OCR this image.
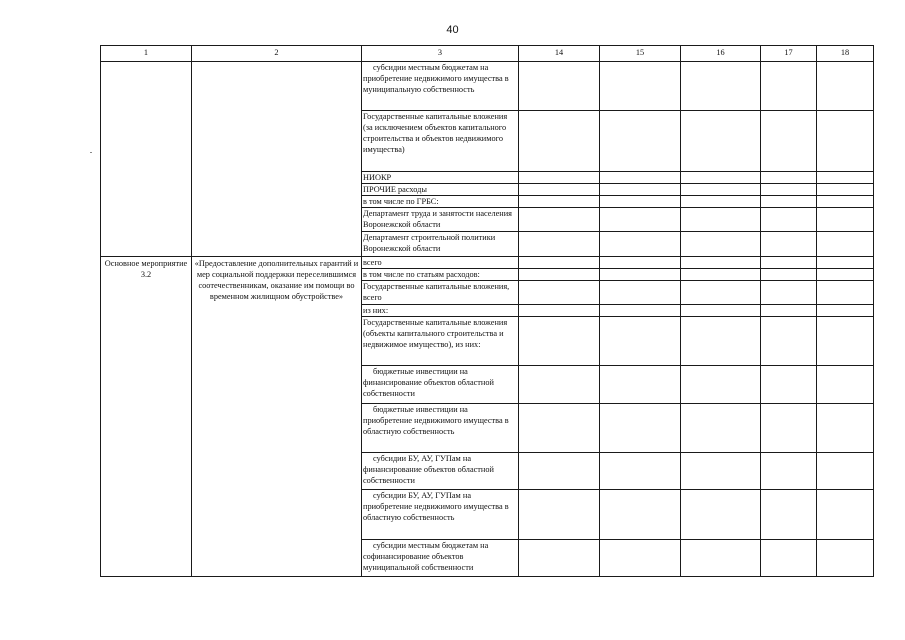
40
1	2	3	14	15	16	17	18
		субсидии местным бюджетам на приобретение недвижимого имущества в муниципальную собственность					
		Государственные капитальные вложения (за исключением объектов капитального строительства и объектов недвижимого имущества)					
		НИОКР					
		ПРОЧИЕ расходы					
		в том числе по ГРБС:					
		Департамент труда и занятости населения Воронежской области					
		Департамент строительной политики Воронежской области					
Основное мероприятие 3.2	«Предоставление дополнительных гарантий и мер социальной поддержки переселившимся соотечественникам, оказание им помощи во временном жилищном обустройстве»	всего					
		в том числе по статьям расходов:					
		Государственные капитальные вложения, всего					
		из них:					
		Государственные капитальные вложения (объекты капитального строительства и недвижимое имущество), из них:					
		бюджетные инвестиции на финансирование объектов областной собственности					
		бюджетные инвестиции на приобретение недвижимого имущества в областную собственность					
		субсидии БУ, АУ, ГУПам на финансирование объектов областной собственности					
		субсидии БУ, АУ, ГУПам на приобретение недвижимого имущества в областную собственность					
		субсидии местным бюджетам на софинансирование объектов муниципальной собственности					
